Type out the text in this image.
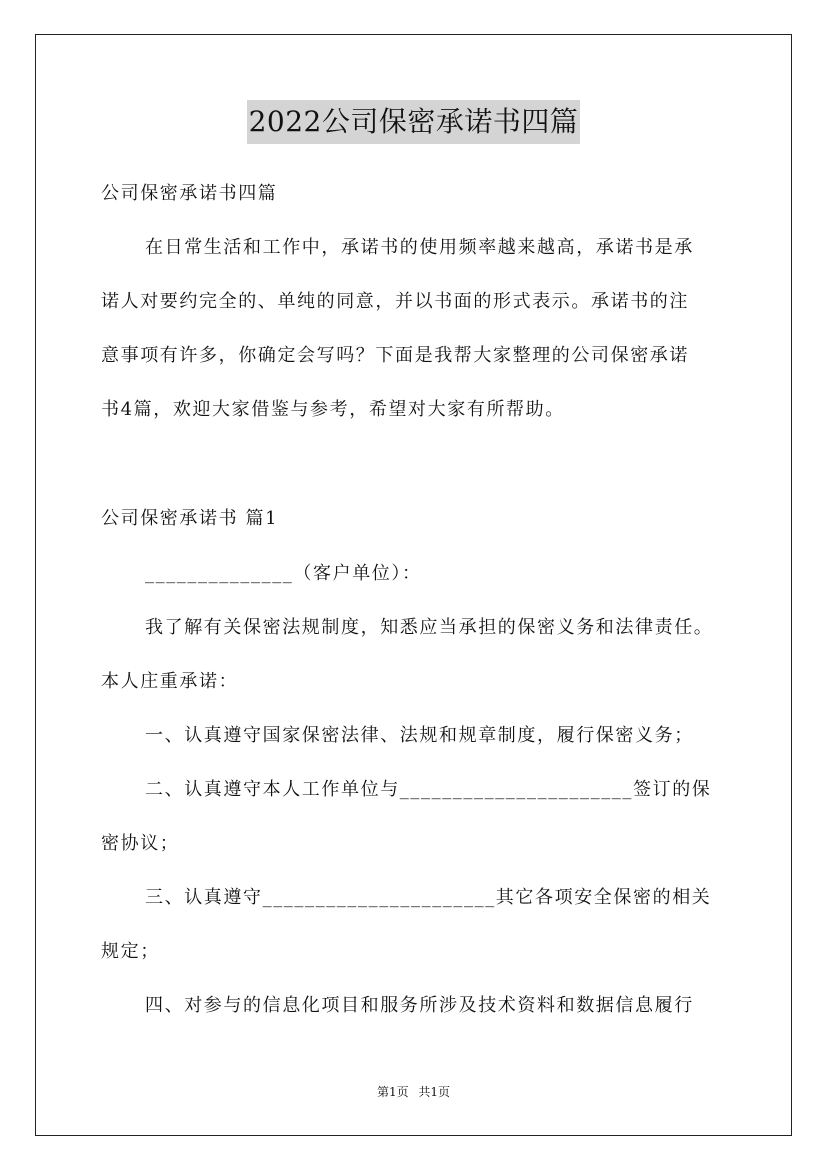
2022公司保密承诺书四篇
公司保密承诺书四篇
在日常生活和工作中，承诺书的使用频率越来越高，承诺书是承
诺人对要约完全的、单纯的同意，并以书面的形式表示。承诺书的注
意事项有许多，你确定会写吗？下面是我帮大家整理的公司保密承诺
书4篇，欢迎大家借鉴与参考，希望对大家有所帮助。
公司保密承诺书 篇1
______________（客户单位）：
我了解有关保密法规制度，知悉应当承担的保密义务和法律责任。
本人庄重承诺：
一、认真遵守国家保密法律、法规和规章制度，履行保密义务；
二、认真遵守本人工作单位与______________________签订的保
密协议；
三、认真遵守______________________其它各项安全保密的相关
规定；
四、对参与的信息化项目和服务所涉及技术资料和数据信息履行
第1页 共1页
